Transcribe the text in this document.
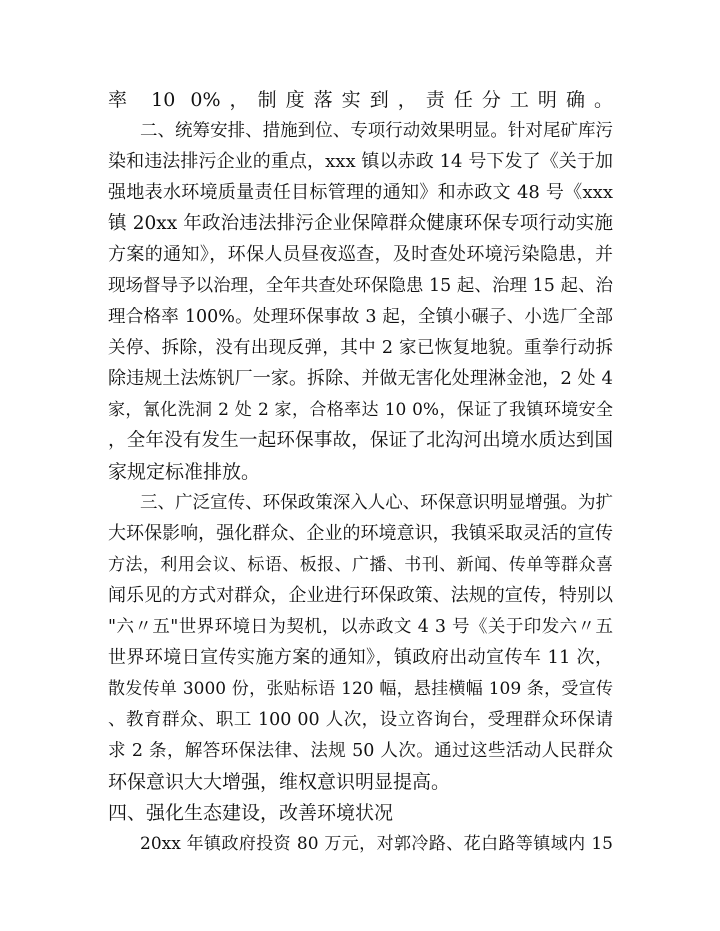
率 10 0%，制度落实到，责任分工明确。
二、统筹安排、措施到位、专项行动效果明显。针对尾矿库污
染和违法排污企业的重点，xxx 镇以赤政 14 号下发了《关于加
强地表水环境质量责任目标管理的通知》和赤政文 48 号《xxx
镇 20xx 年政治违法排污企业保障群众健康环保专项行动实施
方案的通知》，环保人员昼夜巡查，及时查处环境污染隐患，并
现场督导予以治理，全年共查处环保隐患 15 起、治理 15 起、治
理合格率 100%。处理环保事故 3 起，全镇小碾子、小选厂全部
关停、拆除，没有出现反弹，其中 2 家已恢复地貌。重拳行动拆
除违规土法炼钒厂一家。拆除、并做无害化处理淋金池，2 处 4
家，氰化洗洞 2 处 2 家，合格率达 10 0%，保证了我镇环境安全
，全年没有发生一起环保事故，保证了北沟河出境水质达到国
家规定标准排放。
三、广泛宣传、环保政策深入人心、环保意识明显增强。为扩
大环保影响，强化群众、企业的环境意识，我镇采取灵活的宣传
方法，利用会议、标语、板报、广播、书刊、新闻、传单等群众喜
闻乐见的方式对群众，企业进行环保政策、法规的宣传，特别以
"六〃五"世界环境日为契机，以赤政文 4 3 号《关于印发六〃五
世界环境日宣传实施方案的通知》，镇政府出动宣传车 11 次，
散发传单 3000 份，张贴标语 120 幅，悬挂横幅 109 条，受宣传
、教育群众、职工 100 00 人次，设立咨询台，受理群众环保请
求 2 条，解答环保法律、法规 50 人次。通过这些活动人民群众
环保意识大大增强，维权意识明显提高。
四、强化生态建设，改善环境状况
20xx 年镇政府投资 80 万元，对郭冷路、花白路等镇域内 15
